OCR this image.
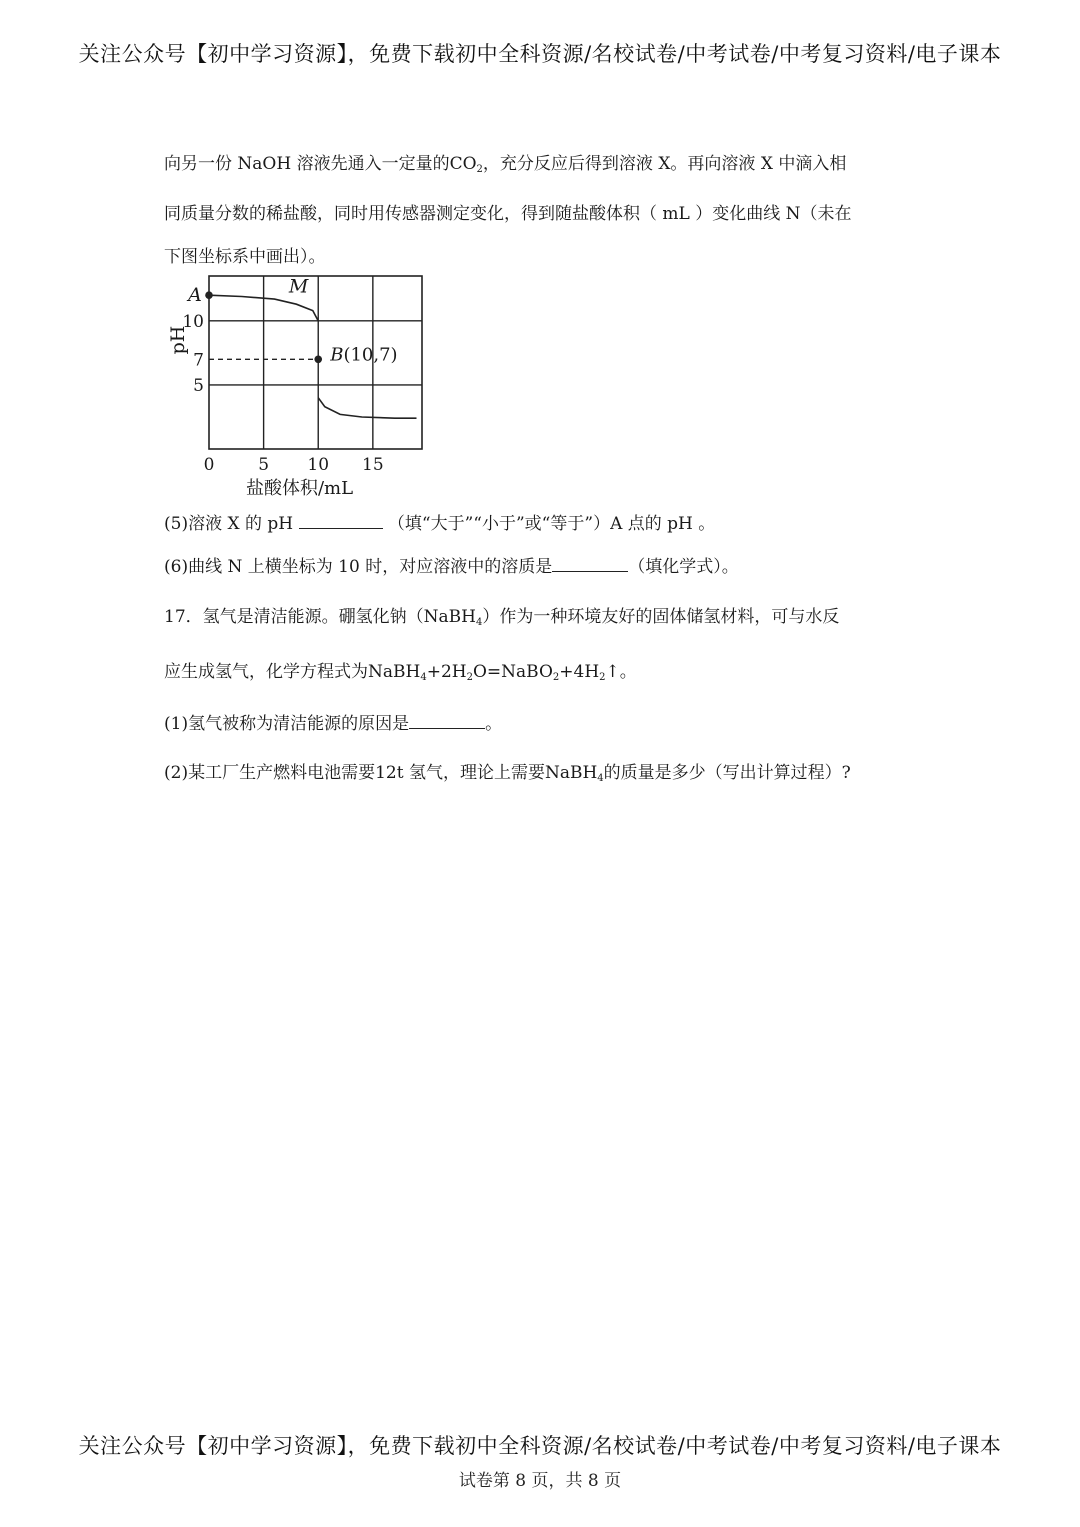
关注公众号【初中学习资源】，免费下载初中全科资源/名校试卷/中考试卷/中考复习资料/电子课本
向另一份 NaOH 溶液先通入一定量的$CO_2$，充分反应后得到溶液 X。再向溶液 X 中滴入相
同质量分数的稀盐酸，同时用传感器测定变化，得到随盐酸体积（ mL ）变化曲线 N（未在
下图坐标系中画出）。
A	M
B(10,7)
0	5 10 15
10
7
5
盐酸体积/mL
pH
(5)溶液 X 的 pH	（填“大于”“小于”或“等于”）A 点的 pH 。
(6)曲线 N 上横坐标为 10 时，对应溶液中的溶质是	（填化学式）。
17．氢气是清洁能源。硼氢化钠（NaBH$_4$）作为一种环境友好的固体储氢材料，可与水反
应生成氢气，化学方程式为$NaBH_4+2H_2O=NaBO_2+4H_2↑$。
(1)氢气被称为清洁能源的原因是	。
(2)某工厂生产燃料电池需要12t 氢气，理论上需要NaBH$_4$的质量是多少（写出计算过程）?
关注公众号【初中学习资源】，免费下载初中全科资源/名校试卷/中考试卷/中考复习资料/电子课本
试卷第 8 页，共 8 页
